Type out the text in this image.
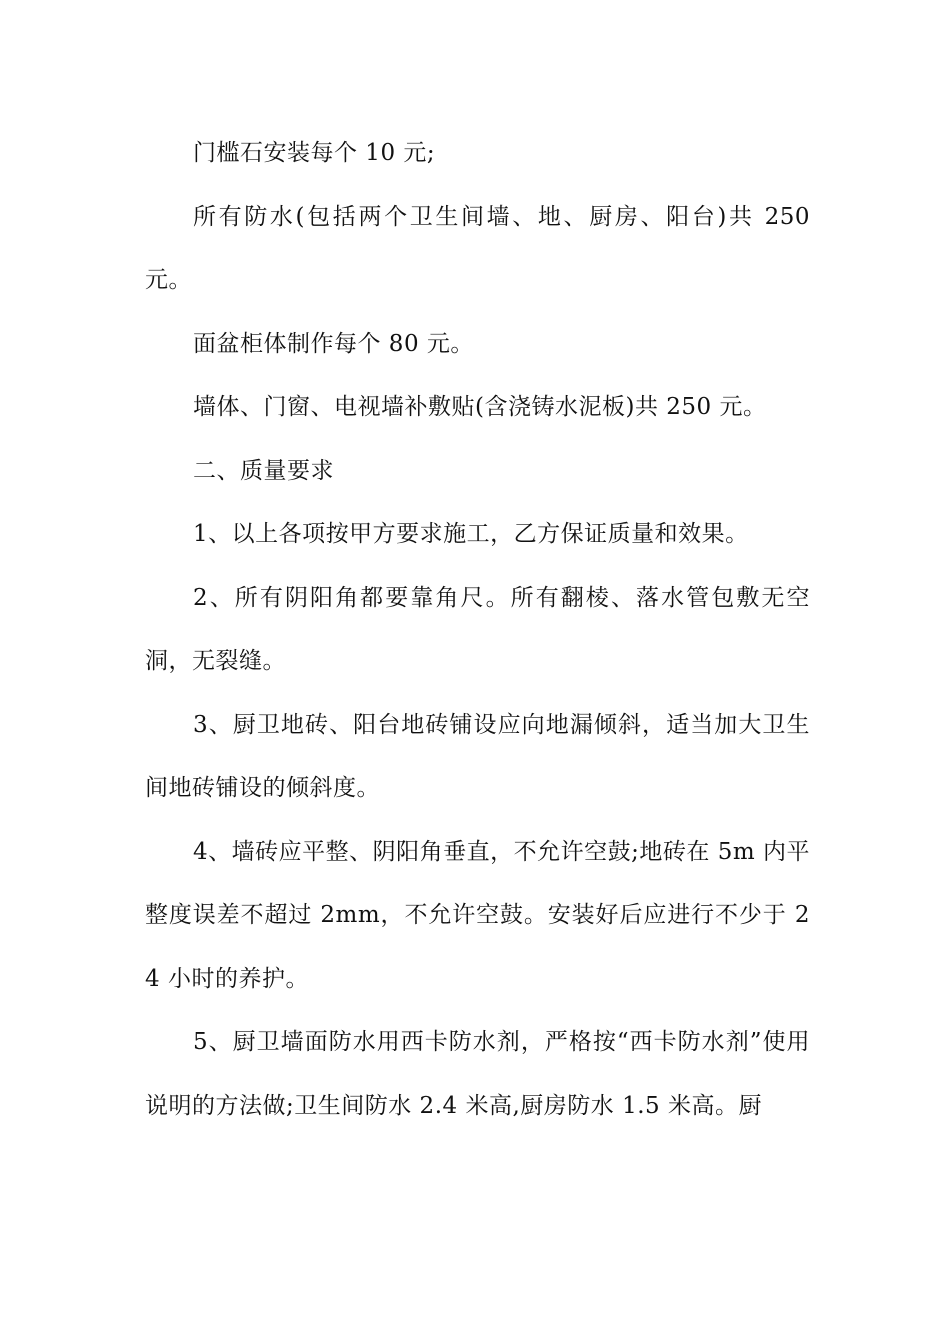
门槛石安装每个 10 元;

所有防水(包括两个卫生间墙、地、厨房、阳台)共 250 元。

面盆柜体制作每个 80 元。

墙体、门窗、电视墙补敷贴(含浇铸水泥板)共 250 元。

二、质量要求

1、以上各项按甲方要求施工，乙方保证质量和效果。

2、所有阴阳角都要靠角尺。所有翻棱、落水管包敷无空洞，无裂缝。

3、厨卫地砖、阳台地砖铺设应向地漏倾斜，适当加大卫生间地砖铺设的倾斜度。

4、墙砖应平整、阴阳角垂直，不允许空鼓;地砖在 5m 内平整度误差不超过 2mm，不允许空鼓。安装好后应进行不少于 24 小时的养护。

5、厨卫墙面防水用西卡防水剂，严格按“西卡防水剂”使用说明的方法做;卫生间防水 2.4 米高,厨房防水 1.5 米高。厨
